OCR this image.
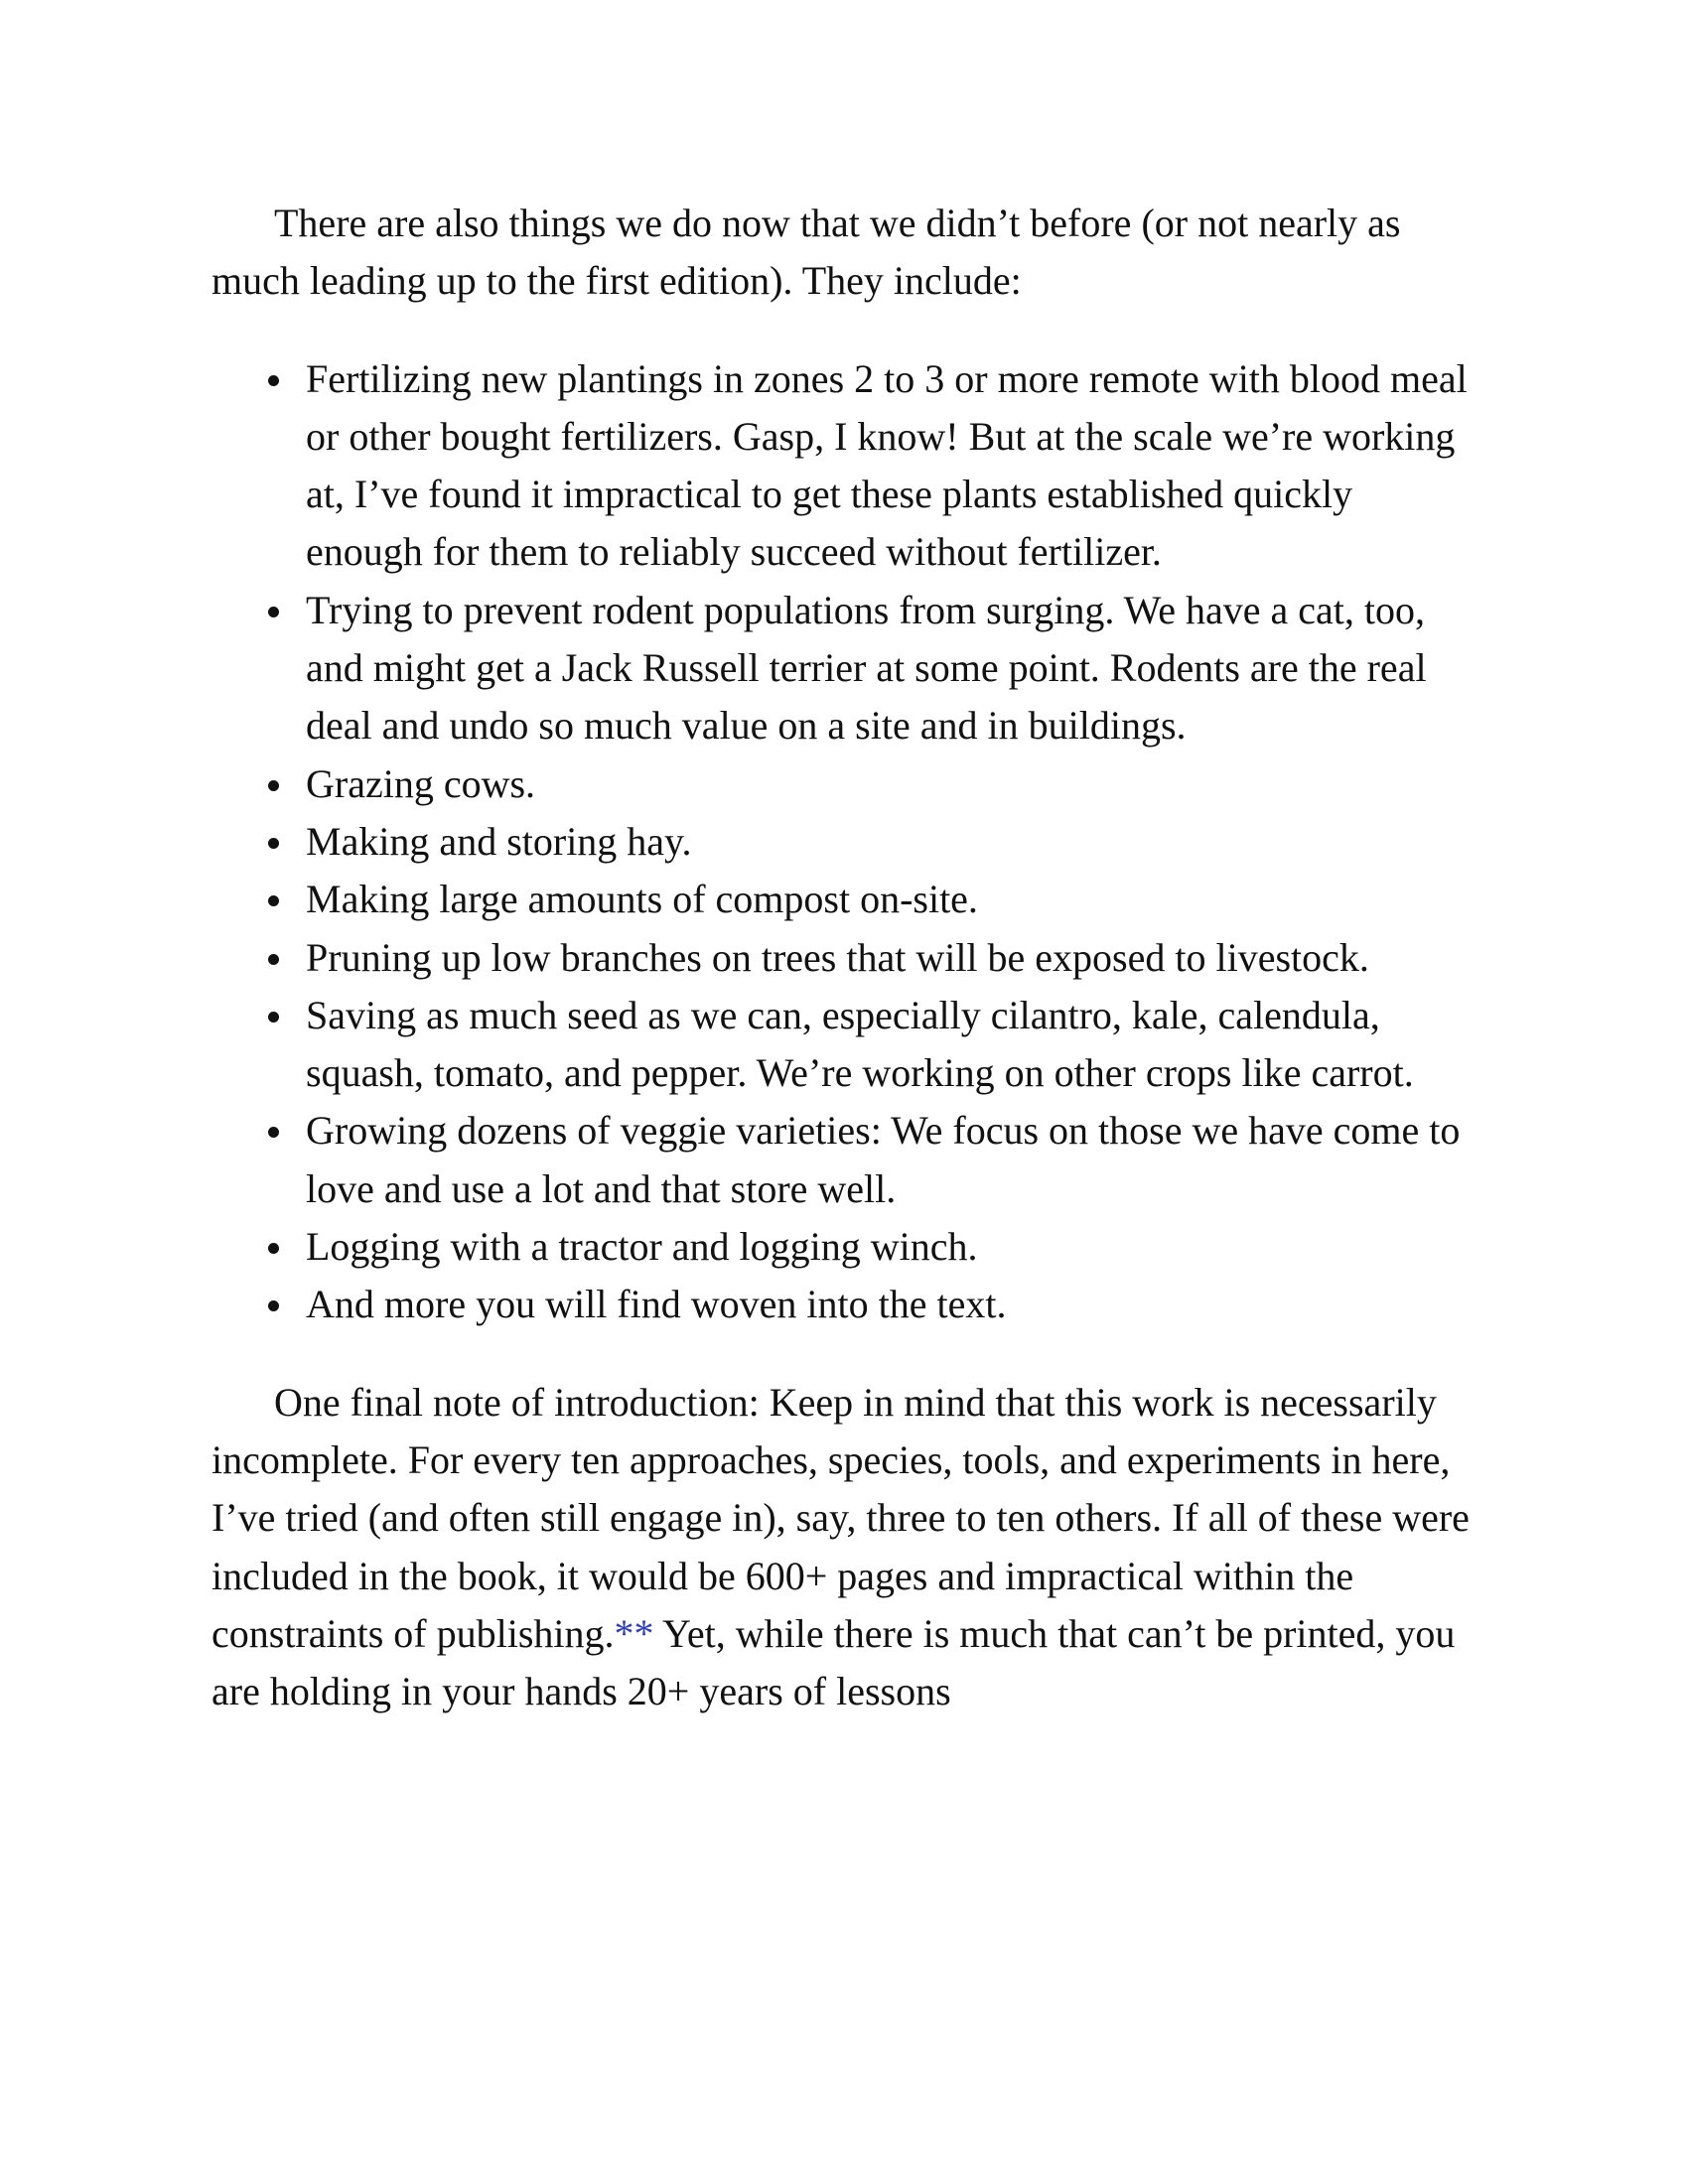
There are also things we do now that we didn’t before (or not nearly as much leading up to the first edition). They include:

Fertilizing new plantings in zones 2 to 3 or more remote with blood meal or other bought fertilizers. Gasp, I know! But at the scale we’re working at, I’ve found it impractical to get these plants established quickly enough for them to reliably succeed without fertilizer.
Trying to prevent rodent populations from surging. We have a cat, too, and might get a Jack Russell terrier at some point. Rodents are the real deal and undo so much value on a site and in buildings.
Grazing cows.
Making and storing hay.
Making large amounts of compost on-site.
Pruning up low branches on trees that will be exposed to livestock.
Saving as much seed as we can, especially cilantro, kale, calendula, squash, tomato, and pepper. We’re working on other crops like carrot.
Growing dozens of veggie varieties: We focus on those we have come to love and use a lot and that store well.
Logging with a tractor and logging winch.
And more you will find woven into the text.

One final note of introduction: Keep in mind that this work is necessarily incomplete. For every ten approaches, species, tools, and experiments in here, I’ve tried (and often still engage in), say, three to ten others. If all of these were included in the book, it would be 600+ pages and impractical within the constraints of publishing.** Yet, while there is much that can’t be printed, you are holding in your hands 20+ years of lessons
